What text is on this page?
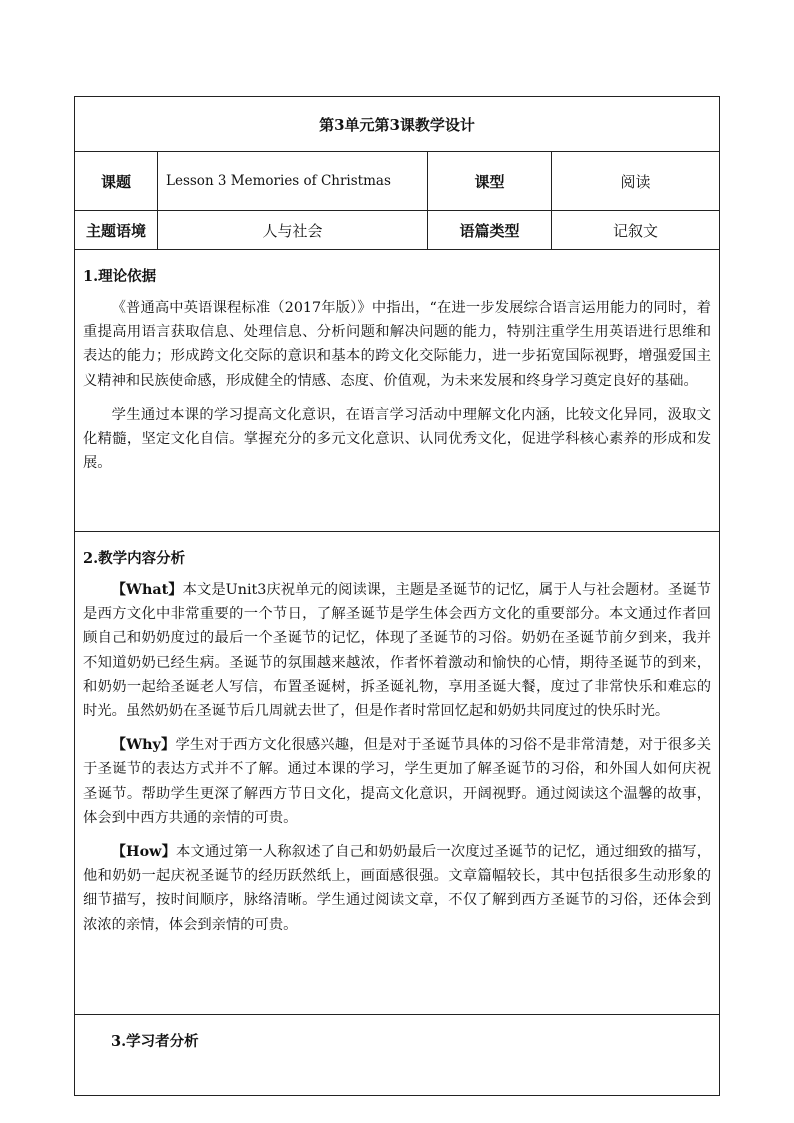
第3单元第3课教学设计			
课题	Lesson 3 Memories of Christmas	课型	阅读
主题语境	人与社会	语篇类型	记叙文

1.理论依据

《普通高中英语课程标准（2017年版）》中指出，“在进一步发展综合语言运用能力的同时，着重提高用语言获取信息、处理信息、分析问题和解决问题的能力，特别注重学生用英语进行思维和表达的能力；形成跨文化交际的意识和基本的跨文化交际能力，进一步拓宽国际视野，增强爱国主义精神和民族使命感，形成健全的情感、态度、价值观，为未来发展和终身学习奠定良好的基础。

学生通过本课的学习提高文化意识，在语言学习活动中理解文化内涵，比较文化异同，汲取文化精髓，坚定文化自信。掌握充分的多元文化意识、认同优秀文化，促进学科核心素养的形成和发展。			

2.教学内容分析

【What】本文是Unit3庆祝单元的阅读课，主题是圣诞节的记忆，属于人与社会题材。圣诞节是西方文化中非常重要的一个节日，了解圣诞节是学生体会西方文化的重要部分。本文通过作者回顾自己和奶奶度过的最后一个圣诞节的记忆，体现了圣诞节的习俗。奶奶在圣诞节前夕到来，我并不知道奶奶已经生病。圣诞节的氛围越来越浓，作者怀着激动和愉快的心情，期待圣诞节的到来，和奶奶一起给圣诞老人写信，布置圣诞树，拆圣诞礼物，享用圣诞大餐，度过了非常快乐和难忘的时光。虽然奶奶在圣诞节后几周就去世了，但是作者时常回忆起和奶奶共同度过的快乐时光。

【Why】学生对于西方文化很感兴趣，但是对于圣诞节具体的习俗不是非常清楚，对于很多关于圣诞节的表达方式并不了解。通过本课的学习，学生更加了解圣诞节的习俗，和外国人如何庆祝圣诞节。帮助学生更深了解西方节日文化，提高文化意识，开阔视野。通过阅读这个温馨的故事，体会到中西方共通的亲情的可贵。

【How】本文通过第一人称叙述了自己和奶奶最后一次度过圣诞节的记忆，通过细致的描写，他和奶奶一起庆祝圣诞节的经历跃然纸上，画面感很强。文章篇幅较长，其中包括很多生动形象的细节描写，按时间顺序，脉络清晰。学生通过阅读文章，不仅了解到西方圣诞节的习俗，还体会到浓浓的亲情，体会到亲情的可贵。			

3.学习者分析			
